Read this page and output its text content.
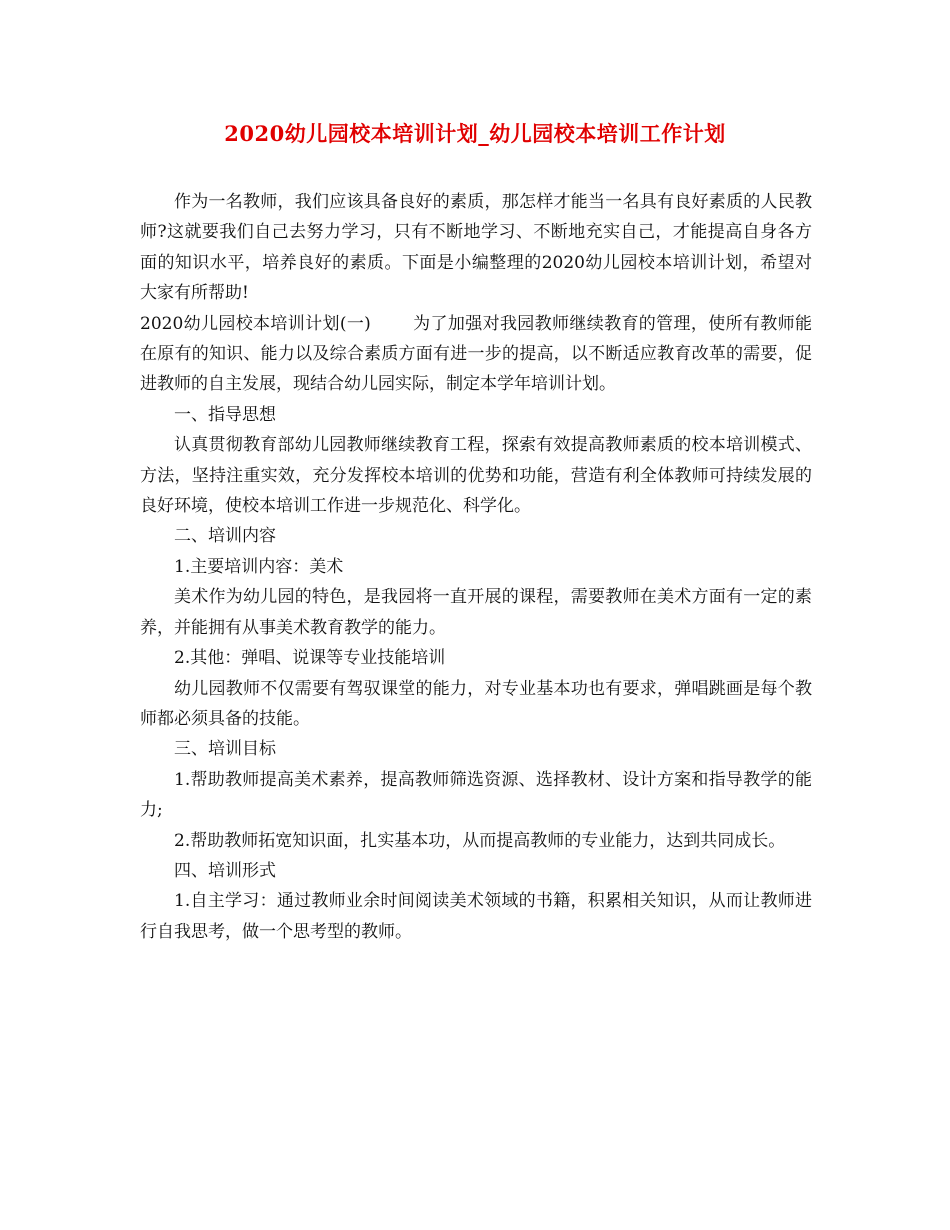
2020幼儿园校本培训计划_幼儿园校本培训工作计划

作为一名教师，我们应该具备良好的素质，那怎样才能当一名具有良好素质的人民教师?这就要我们自己去努力学习，只有不断地学习、不断地充实自己，才能提高自身各方面的知识水平，培养良好的素质。下面是小编整理的2020幼儿园校本培训计划，希望对大家有所帮助!

2020幼儿园校本培训计划(一) 为了加强对我园教师继续教育的管理，使所有教师能在原有的知识、能力以及综合素质方面有进一步的提高，以不断适应教育改革的需要，促进教师的自主发展，现结合幼儿园实际，制定本学年培训计划。

一、指导思想

认真贯彻教育部幼儿园教师继续教育工程，探索有效提高教师素质的校本培训模式、方法，坚持注重实效，充分发挥校本培训的优势和功能，营造有利全体教师可持续发展的良好环境，使校本培训工作进一步规范化、科学化。

二、培训内容

1.主要培训内容：美术

美术作为幼儿园的特色，是我园将一直开展的课程，需要教师在美术方面有一定的素养，并能拥有从事美术教育教学的能力。

2.其他：弹唱、说课等专业技能培训

幼儿园教师不仅需要有驾驭课堂的能力，对专业基本功也有要求，弹唱跳画是每个教师都必须具备的技能。

三、培训目标

1.帮助教师提高美术素养，提高教师筛选资源、选择教材、设计方案和指导教学的能力;

2.帮助教师拓宽知识面，扎实基本功，从而提高教师的专业能力，达到共同成长。

四、培训形式

1.自主学习：通过教师业余时间阅读美术领域的书籍，积累相关知识，从而让教师进行自我思考，做一个思考型的教师。
